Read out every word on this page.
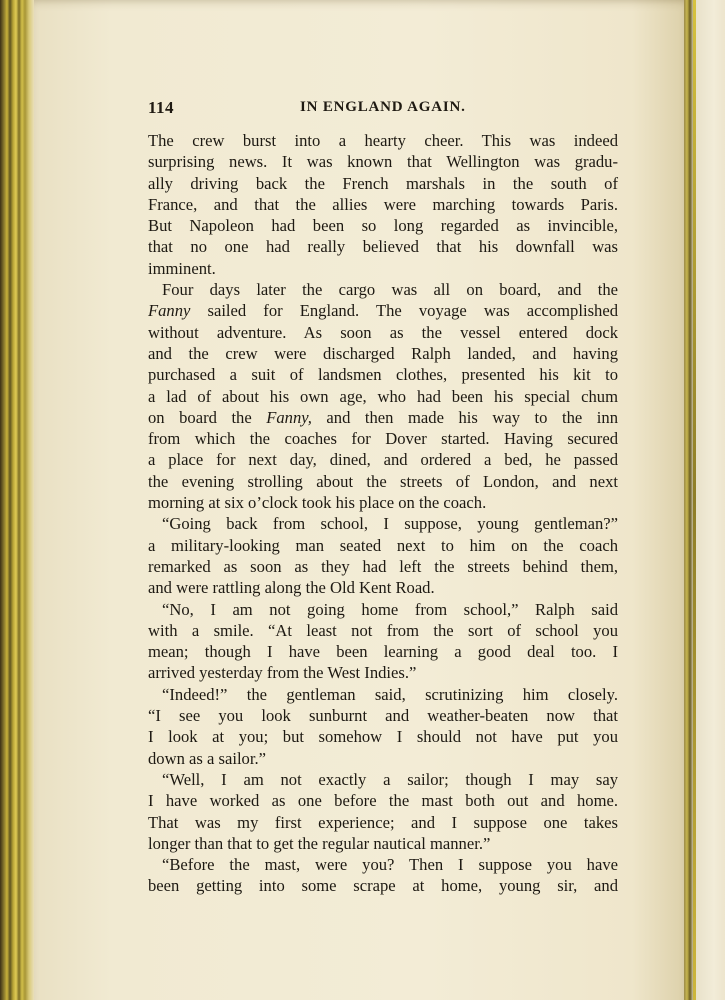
114	IN ENGLAND AGAIN.
The crew burst into a hearty cheer. This was indeed
surprising news. It was known that Wellington was gradu-
ally driving back the French marshals in the south of
France, and that the allies were marching towards Paris.
But Napoleon had been so long regarded as invincible,
that no one had really believed that his downfall was
imminent.
Four days later the cargo was all on board, and the
Fanny sailed for England. The voyage was accomplished
without adventure. As soon as the vessel entered dock
and the crew were discharged Ralph landed, and having
purchased a suit of landsmen clothes, presented his kit to
a lad of about his own age, who had been his special chum
on board the Fanny, and then made his way to the inn
from which the coaches for Dover started. Having secured
a place for next day, dined, and ordered a bed, he passed
the evening strolling about the streets of London, and next
morning at six o’clock took his place on the coach.
“Going back from school, I suppose, young gentleman?”
a military-looking man seated next to him on the coach
remarked as soon as they had left the streets behind them,
and were rattling along the Old Kent Road.
“No, I am not going home from school,” Ralph said
with a smile. “At least not from the sort of school you
mean; though I have been learning a good deal too. I
arrived yesterday from the West Indies.”
“Indeed!” the gentleman said, scrutinizing him closely.
“I see you look sunburnt and weather-beaten now that
I look at you; but somehow I should not have put you
down as a sailor.”
“Well, I am not exactly a sailor; though I may say
I have worked as one before the mast both out and home.
That was my first experience; and I suppose one takes
longer than that to get the regular nautical manner.”
“Before the mast, were you? Then I suppose you have
been getting into some scrape at home, young sir, and
